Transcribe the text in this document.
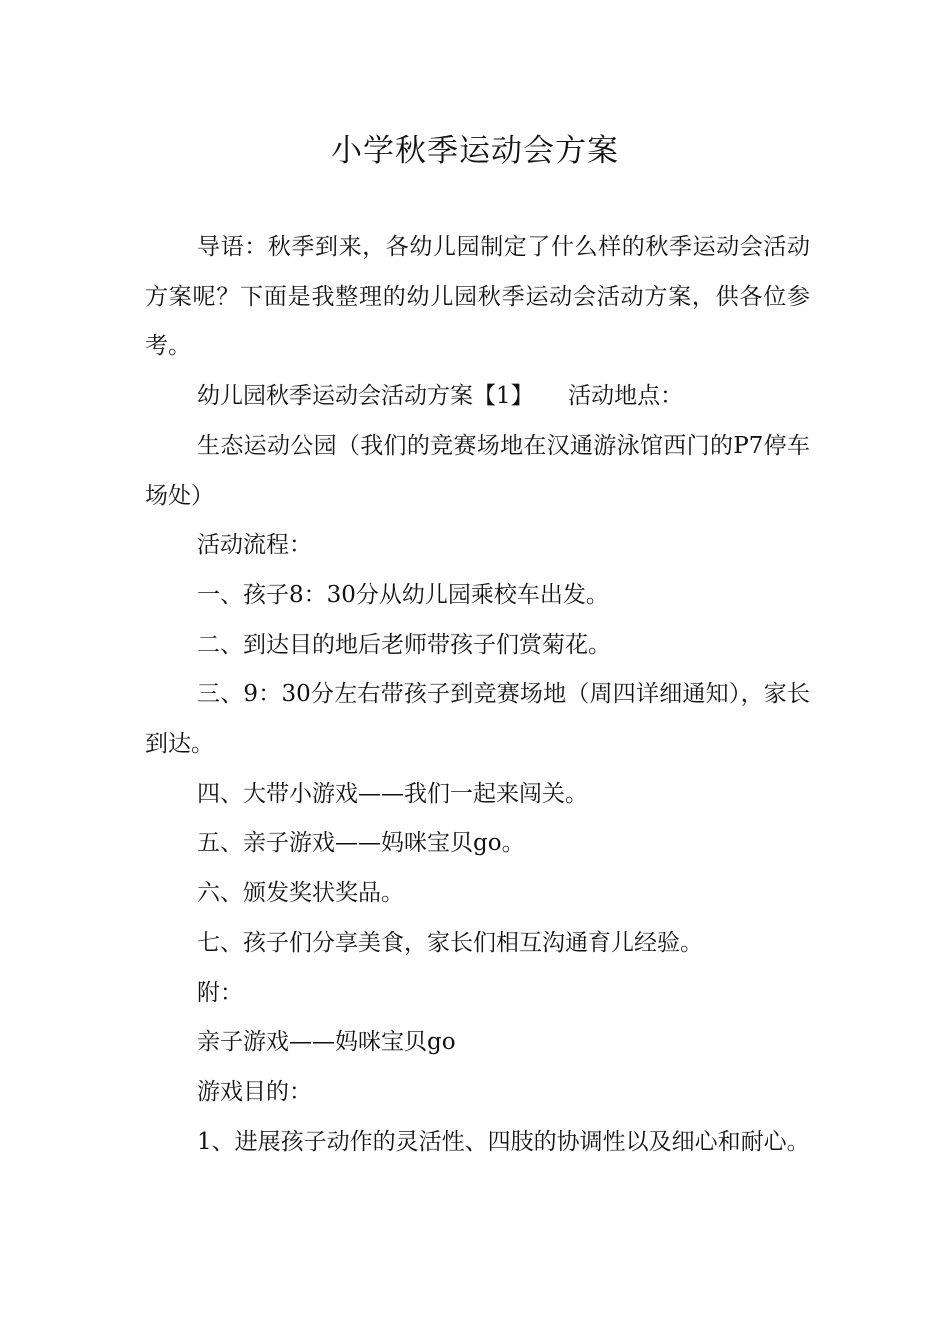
小学秋季运动会方案

导语：秋季到来，各幼儿园制定了什么样的秋季运动会活动方案呢？下面是我整理的幼儿园秋季运动会活动方案，供各位参考。

幼儿园秋季运动会活动方案【1】　　活动地点：

生态运动公园（我们的竞赛场地在汉通游泳馆西门的P7停车场处）

活动流程：

一、孩子8：30分从幼儿园乘校车出发。

二、到达目的地后老师带孩子们赏菊花。

三、9：30分左右带孩子到竞赛场地（周四详细通知），家长到达。

四、大带小游戏——我们一起来闯关。

五、亲子游戏——妈咪宝贝go。

六、颁发奖状奖品。

七、孩子们分享美食，家长们相互沟通育儿经验。

附：

亲子游戏——妈咪宝贝go

游戏目的：

1、进展孩子动作的灵活性、四肢的协调性以及细心和耐心。
